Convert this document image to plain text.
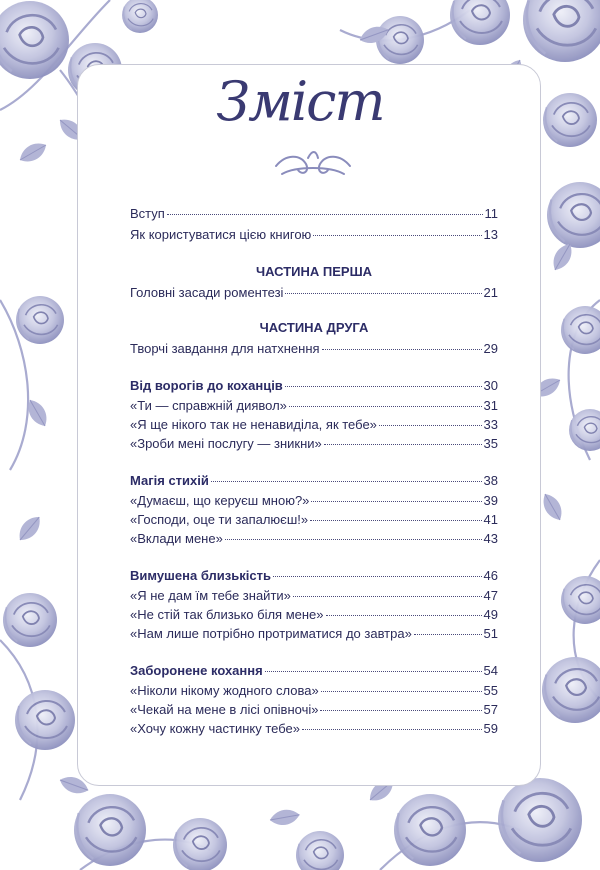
Зміст
Вступ	11
Як користуватися цією книгою	13
ЧАСТИНА ПЕРША
Головні засади роментезі	21
ЧАСТИНА ДРУГА
Творчі завдання для натхнення	29
Від ворогів до коханців	30
«Ти — справжній диявол»	31
«Я ще нікого так не ненавиділа, як тебе»	33
«Зроби мені послугу — зникни»	35
Магія стихій	38
«Думаєш, що керуєш мною?»	39
«Господи, оце ти запалюєш!»	41
«Вклади мене»	43
Вимушена близькість	46
«Я не дам їм тебе знайти»	47
«Не стій так близько біля мене»	49
«Нам лише потрібно протриматися до завтра»	51
Заборонене кохання	54
«Ніколи нікому жодного слова»	55
«Чекай на мене в лісі опівночі»	57
«Хочу кожну частинку тебе»	59
